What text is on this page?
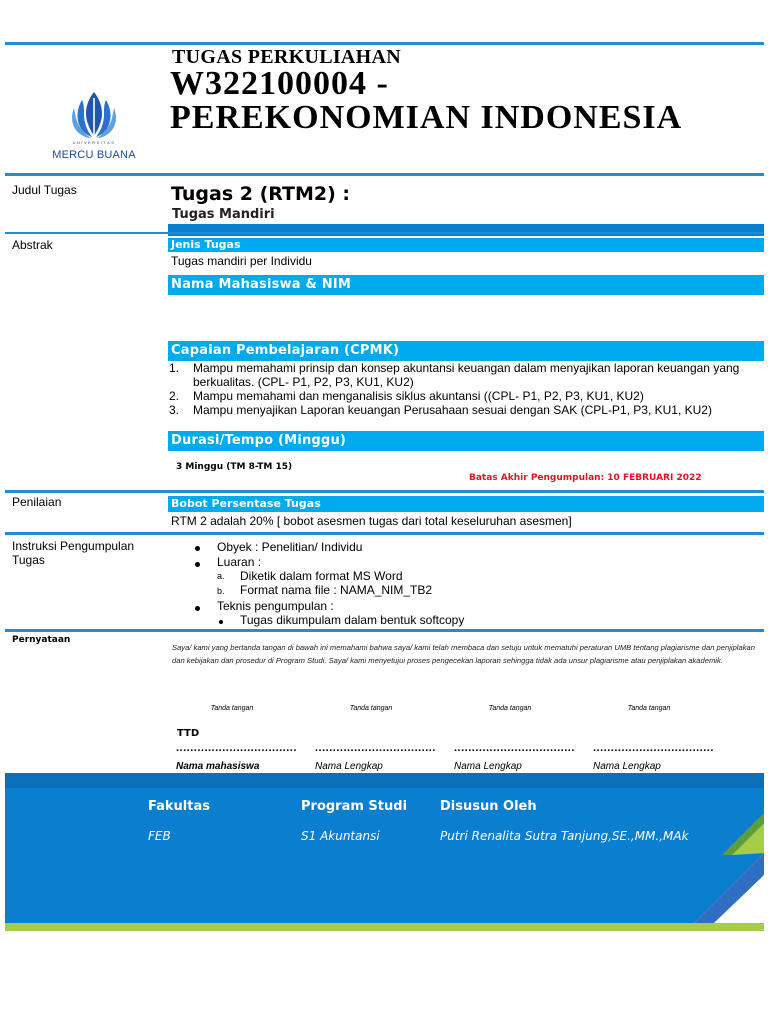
UNIVERSITAS
MERCU BUANA
TUGAS PERKULIAHAN
W322100004 -
PEREKONOMIAN INDONESIA
Judul Tugas	Tugas 2 (RTM2) :
Tugas Mandiri
Abstrak	Jenis Tugas
Tugas mandiri per Individu
Nama Mahasiswa & NIM
Capaian Pembelajaran (CPMK)
1. Mampu memahami prinsip dan konsep akuntansi keuangan dalam menyajikan laporan keuangan yang berkualitas. (CPL- P1, P2, P3, KU1, KU2)
2. Mampu memahami dan menganalisis siklus akuntansi ((CPL- P1, P2, P3, KU1, KU2)
3. Mampu menyajikan Laporan keuangan Perusahaan sesuai dengan SAK (CPL-P1, P3, KU1, KU2)
Durasi/Tempo (Minggu)
3 Minggu (TM 8-TM 15)
Batas Akhir Pengumpulan: 10 FEBRUARI 2022
Penilaian	Bobot Persentase Tugas
RTM 2 adalah 20% [ bobot asesmen tugas dari total keseluruhan asesmen]
Instruksi Pengumpulan Tugas
Obyek : Penelitian/ Individu
Luaran :
a. Diketik dalam format MS Word
b. Format nama file : NAMA_NIM_TB2
Teknis pengumpulan :
Tugas dikumpulam dalam bentuk softcopy
Pernyataan
Saya/ kami yang bertanda tangan di bawah ini memahami bahwa saya/ kami telah membaca dan setuju untuk mematuhi peraturan UMB tentang plagiarisme dan penjiplakan dan kebijakan dan prosedur di Program Studi. Saya/ kami menyetujui proses pengecekan laporan sehingga tidak ada unsur plagiarisme atau penjiplakan akademik.
Tanda tangan	Tanda tangan	Tanda tangan	Tanda tangan
TTD
.................................. .................................. .................................. ..................................
Nama mahasiswa	Nama Lengkap	Nama Lengkap	Nama Lengkap
Fakultas
FEB
Program Studi
S1 Akuntansi
Disusun Oleh
Putri Renalita Sutra Tanjung,SE.,MM.,MAk
